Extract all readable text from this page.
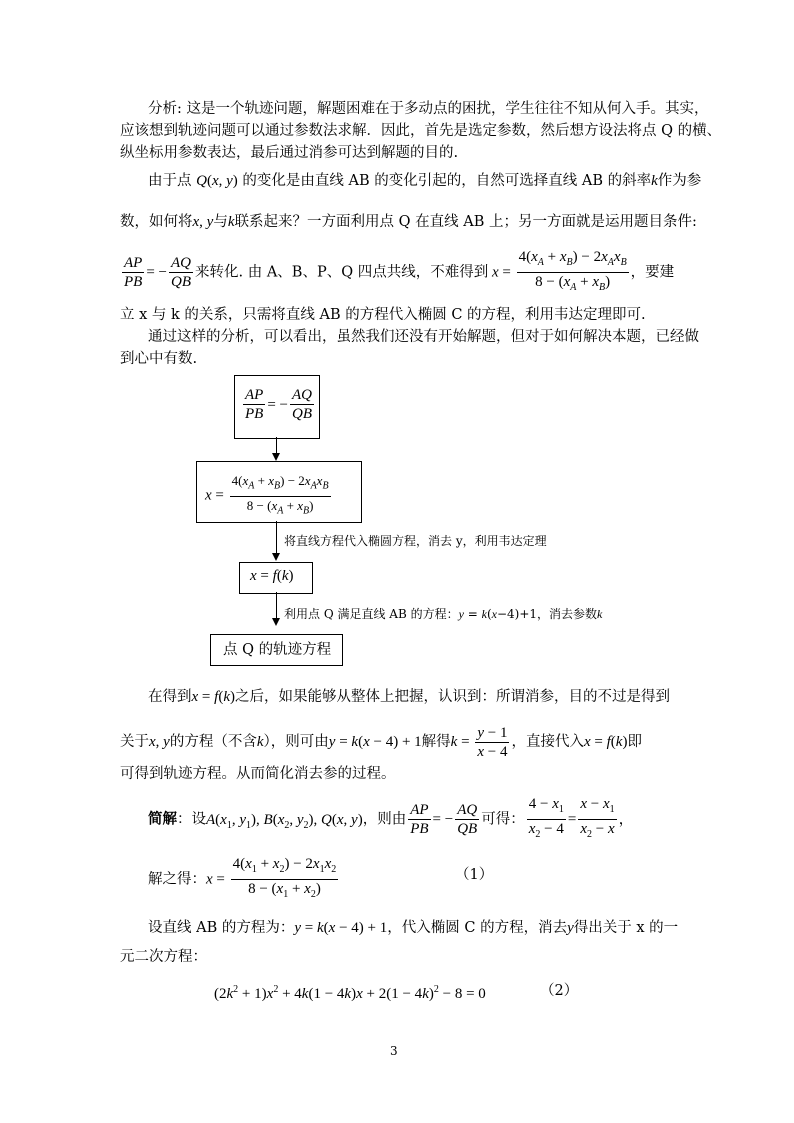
分析: 这是一个轨迹问题，解题困难在于多动点的困扰，学生往往不知从何入手。其实，
应该想到轨迹问题可以通过参数法求解．因此，首先是选定参数，然后想方设法将点 Q 的横、
纵坐标用参数表达，最后通过消参可达到解题的目的.
由于点 Q(x, y) 的变化是由直线 AB 的变化引起的，自然可选择直线 AB 的斜率k作为参
数，如何将x, y与k联系起来？一方面利用点 Q 在直线 AB 上；另一方面就是运用题目条件:
$\frac{AP}{PB}$ = − $\frac{AQ}{QB}$ 来转化. 由 A、B、P、Q 四点共线，不难得到 $x = \frac{4(x_A + x_B) - 2x_Ax_B}{8 - (x_A + x_B)}$ ，要建
立 x 与 k 的关系，只需将直线 AB 的方程代入椭圆 C 的方程，利用韦达定理即可.
通过这样的分析，可以看出，虽然我们还没有开始解题，但对于如何解决本题，已经做
到心中有数.
$\frac{AP}{PB}$ = − $\frac{AQ}{QB}$
$x = \frac{4(x_A + x_B) - 2x_Ax_B}{8 - (x_A + x_B)}$
将直线方程代入椭圆方程，消去 y，利用韦达定理
x = f(k)
利用点 Q 满足直线 AB 的方程：y = k(x−4)+1，消去参数k
点 Q 的轨迹方程
在得到x = f(k)之后，如果能够从整体上把握，认识到：所谓消参，目的不过是得到
关于x, y的方程（不含k），则可由y = k(x − 4) + 1解得$k = \frac{y - 1}{x - 4}$ ，直接代入x = f(k)即
可得到轨迹方程。从而简化消去参的过程。
简解：设$A(x_1$, $y_1$), $B(x_2$, $y_2$), Q(x, y)，则由 $\frac{AP}{PB}$ = − $\frac{AQ}{QB}$ 可得： $\frac{4 - x_1}{x_2 - 4} = \frac{x - x_1}{x_2 - x}$ ，
解之得：$x = \frac{4(x_1 + x_2) - 2x_1x_2}{8 - (x_1 + x_2)}$	（1）
设直线 AB 的方程为：y = k(x − 4) + 1，代入椭圆 C 的方程，消去y得出关于 x 的一
元二次方程：
$(2k^2 + 1)x^2 + 4k(1 - 4k)x + 2(1 - 4k)^2 - 8 = 0$	（2）
3
